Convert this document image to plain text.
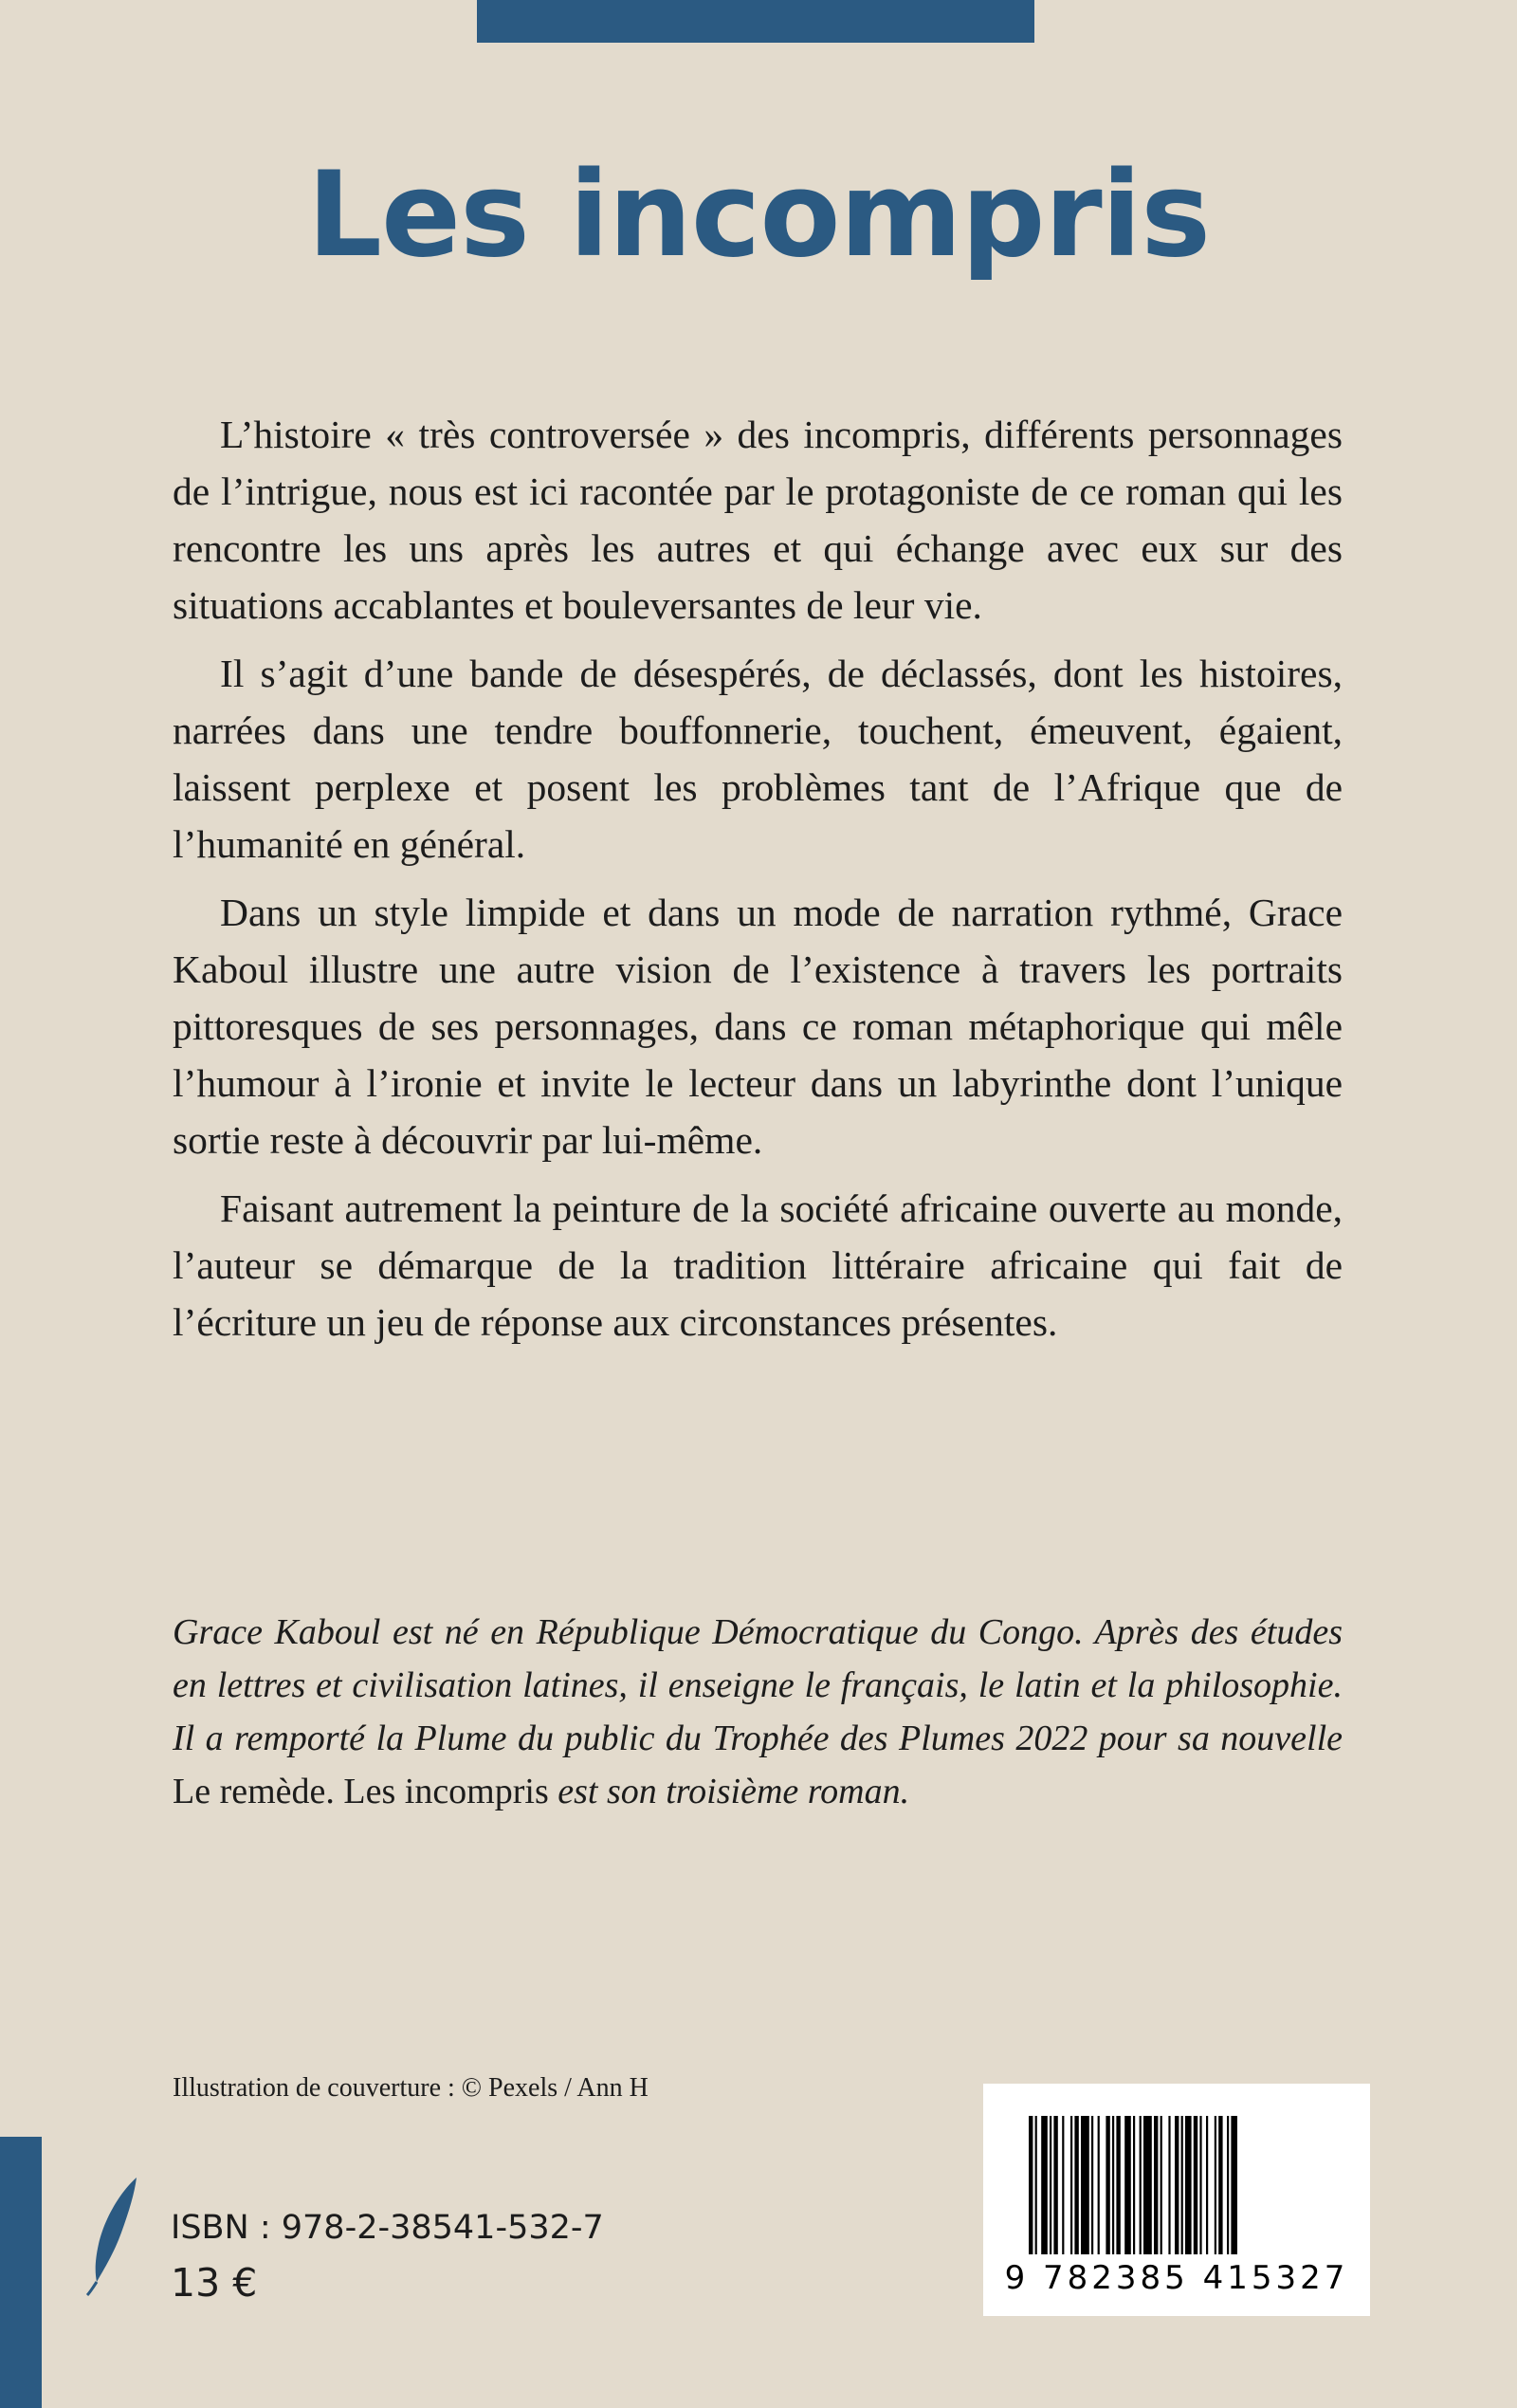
Les incompris

L’histoire « très controversée » des incompris, différents personnages de l’intrigue, nous est ici racontée par le protagoniste de ce roman qui les rencontre les uns après les autres et qui échange avec eux sur des situations accablantes et bouleversantes de leur vie.

Il s’agit d’une bande de désespérés, de déclassés, dont les histoires, narrées dans une tendre bouffonnerie, touchent, émeuvent, égaient, laissent perplexe et posent les problèmes tant de l’Afrique que de l’humanité en général.

Dans un style limpide et dans un mode de narration rythmé, Grace Kaboul illustre une autre vision de l’existence à travers les portraits pittoresques de ses personnages, dans ce roman métaphorique qui mêle l’humour à l’ironie et invite le lecteur dans un labyrinthe dont l’unique sortie reste à découvrir par lui-même.

Faisant autrement la peinture de la société africaine ouverte au monde, l’auteur se démarque de la tradition littéraire africaine qui fait de l’écriture un jeu de réponse aux circonstances présentes.

Grace Kaboul est né en République Démocratique du Congo. Après des études en lettres et civilisation latines, il enseigne le français, le latin et la philosophie. Il a remporté la Plume du public du Trophée des Plumes 2022 pour sa nouvelle Le remède. Les incompris est son troisième roman.

Illustration de couverture : © Pexels / Ann H
ISBN : 978-2-38541-532-7
13 €	9 782385 415327
